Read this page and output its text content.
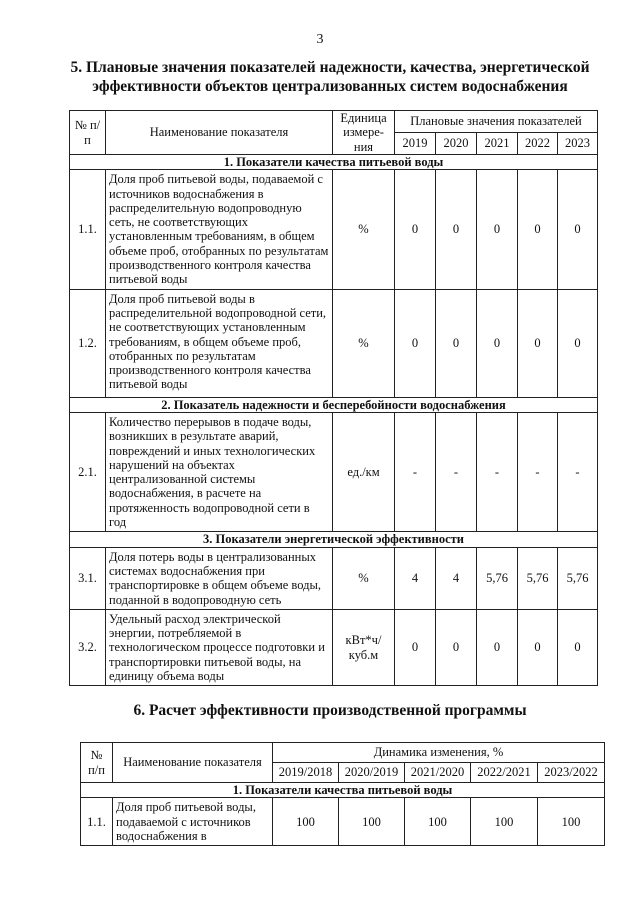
3
5. Плановые значения показателей надежности, качества, энергетической
эффективности объектов централизованных систем водоснабжения
№ п/п	Наименование показателя	Единица измере-ния	Плановые значения показателей				
			2019	2020	2021	2022	2023
1. Показатели качества питьевой воды							
1.1.	Доля проб питьевой воды, подаваемой с источников водоснабжения в распределительную водопроводную сеть, не соответствующих установленным требованиям, в общем объеме проб, отобранных по результатам производственного контроля качества питьевой воды	%	0	0	0	0	0
1.2.	Доля проб питьевой воды в распределительной водопроводной сети, не соответствующих установленным требованиям, в общем объеме проб, отобранных по результатам производственного контроля качества питьевой воды	%	0	0	0	0	0
2. Показатель надежности и бесперебойности водоснабжения							
2.1.	Количество перерывов в подаче воды, возникших в результате аварий, повреждений и иных технологических нарушений на объектах централизованной системы водоснабжения, в расчете на протяженность водопроводной сети в год	ед./км	-	-	-	-	-
3. Показатели энергетической эффективности							
3.1.	Доля потерь воды в централизованных системах водоснабжения при транспортировке в общем объеме воды, поданной в водопроводную сеть	%	4	4	5,76	5,76	5,76
3.2.	Удельный расход электрической энергии, потребляемой в технологическом процессе подготовки и транспортировки питьевой воды, на единицу объема воды	кВт*ч/ куб.м	0	0	0	0	0
6. Расчет эффективности производственной программы
№ п/п	Наименование показателя	Динамика изменения, %				
		2019/2018	2020/2019	2021/2020	2022/2021	2023/2022
1. Показатели качества питьевой воды						
1.1.	Доля проб питьевой воды, подаваемой с источников водоснабжения в	100	100	100	100	100
